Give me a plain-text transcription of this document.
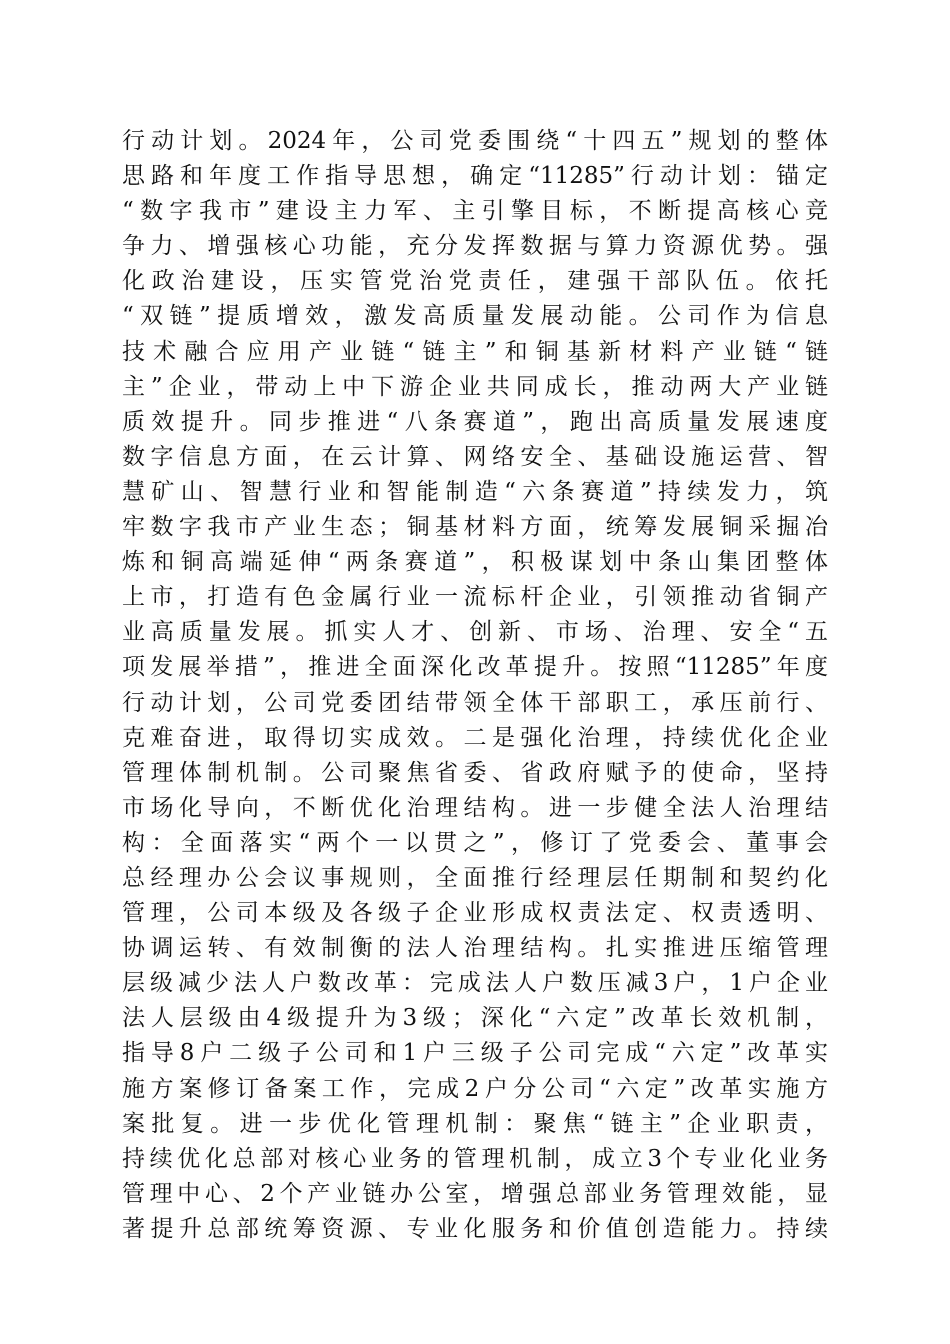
行动计划。2024年，公司党委围绕“十四五”规划的整体
思路和年度工作指导思想，确定“11285”行动计划：锚定
“数字我市”建设主力军、主引擎目标，不断提高核心竞
争力、增强核心功能，充分发挥数据与算力资源优势。强
化政治建设，压实管党治党责任，建强干部队伍。依托
“双链”提质增效，激发高质量发展动能。公司作为信息
技术融合应用产业链“链主”和铜基新材料产业链“链
主”企业，带动上中下游企业共同成长，推动两大产业链
质效提升。同步推进“八条赛道”，跑出高质量发展速度
数字信息方面，在云计算、网络安全、基础设施运营、智
慧矿山、智慧行业和智能制造“六条赛道”持续发力，筑
牢数字我市产业生态；铜基材料方面，统筹发展铜采掘冶
炼和铜高端延伸“两条赛道”，积极谋划中条山集团整体
上市，打造有色金属行业一流标杆企业，引领推动省铜产
业高质量发展。抓实人才、创新、市场、治理、安全“五
项发展举措”，推进全面深化改革提升。按照“11285”年度
行动计划，公司党委团结带领全体干部职工，承压前行、
克难奋进，取得切实成效。二是强化治理，持续优化企业
管理体制机制。公司聚焦省委、省政府赋予的使命，坚持
市场化导向，不断优化治理结构。进一步健全法人治理结
构：全面落实“两个一以贯之”，修订了党委会、董事会
总经理办公会议事规则，全面推行经理层任期制和契约化
管理，公司本级及各级子企业形成权责法定、权责透明、
协调运转、有效制衡的法人治理结构。扎实推进压缩管理
层级减少法人户数改革：完成法人户数压减3户，1户企业
法人层级由4级提升为3级；深化“六定”改革长效机制，
指导8户二级子公司和1户三级子公司完成“六定”改革实
施方案修订备案工作，完成2户分公司“六定”改革实施方
案批复。进一步优化管理机制：聚焦“链主”企业职责，
持续优化总部对核心业务的管理机制，成立3个专业化业务
管理中心、2个产业链办公室，增强总部业务管理效能，显
著提升总部统筹资源、专业化服务和价值创造能力。持续
